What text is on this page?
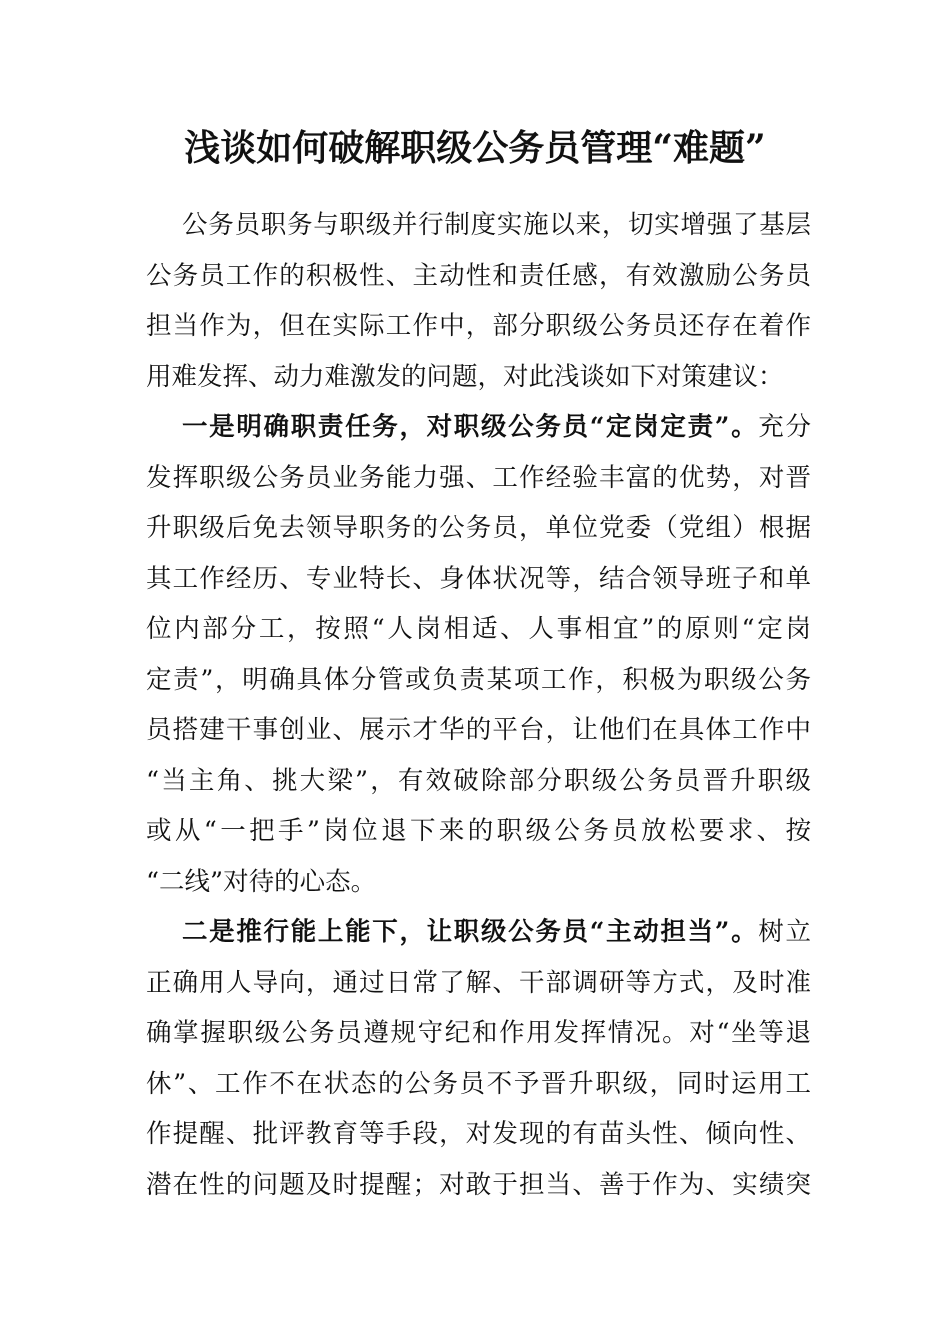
浅谈如何破解职级公务员管理“难题”
公务员职务与职级并行制度实施以来，切实增强了基层
公务员工作的积极性、主动性和责任感，有效激励公务员
担当作为，但在实际工作中，部分职级公务员还存在着作
用难发挥、动力难激发的问题，对此浅谈如下对策建议：
一是明确职责任务，对职级公务员“定岗定责”。充分
发挥职级公务员业务能力强、工作经验丰富的优势，对晋
升职级后免去领导职务的公务员，单位党委（党组）根据
其工作经历、专业特长、身体状况等，结合领导班子和单
位内部分工，按照“人岗相适、人事相宜”的原则“定岗
定责”，明确具体分管或负责某项工作，积极为职级公务
员搭建干事创业、展示才华的平台，让他们在具体工作中
“当主角、挑大梁”，有效破除部分职级公务员晋升职级
或从“一把手”岗位退下来的职级公务员放松要求、按
“二线”对待的心态。
二是推行能上能下，让职级公务员“主动担当”。树立
正确用人导向，通过日常了解、干部调研等方式，及时准
确掌握职级公务员遵规守纪和作用发挥情况。对“坐等退
休”、工作不在状态的公务员不予晋升职级，同时运用工
作提醒、批评教育等手段，对发现的有苗头性、倾向性、
潜在性的问题及时提醒；对敢于担当、善于作为、实绩突
